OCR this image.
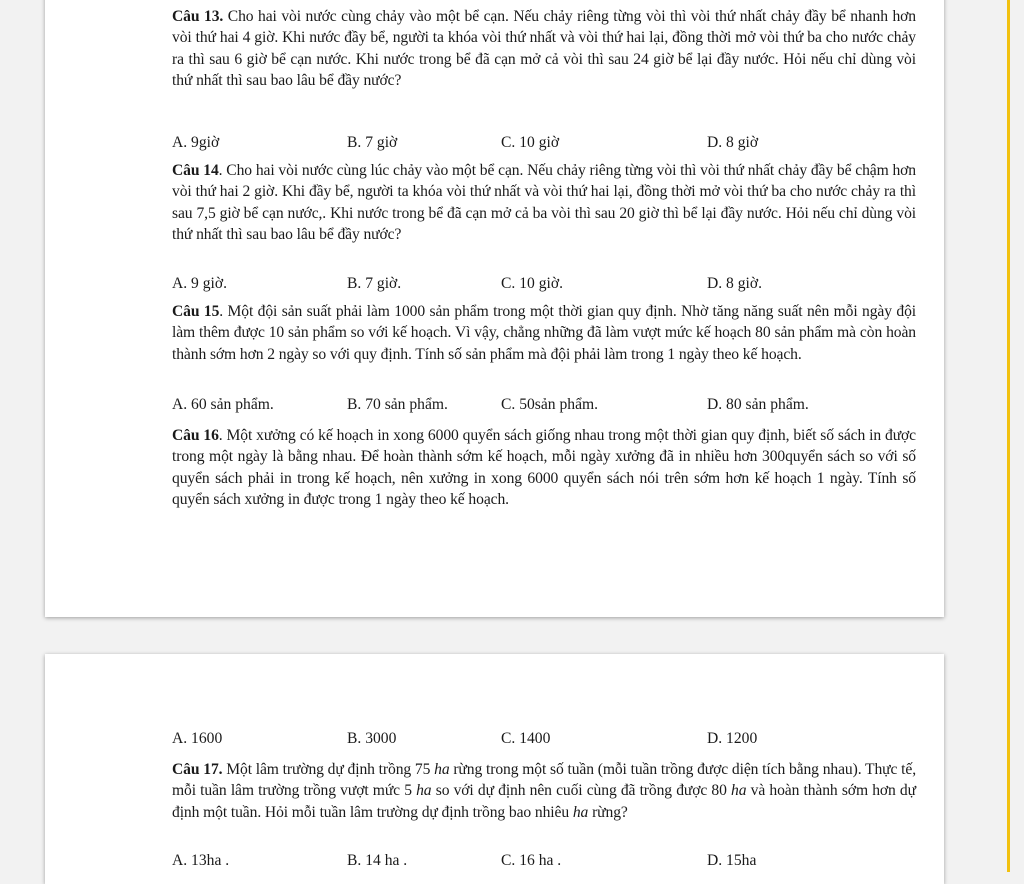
Câu 13. Cho hai vòi nước cùng chảy vào một bể cạn. Nếu chảy riêng từng vòi thì vòi thứ nhất chảy đầy bể nhanh hơn vòi thứ hai 4 giờ. Khi nước đầy bể, người ta khóa vòi thứ nhất và vòi thứ hai lại, đồng thời mở vòi thứ ba cho nước chảy ra thì sau 6 giờ bể cạn nước. Khi nước trong bể đã cạn mở cả vòi thì sau 24 giờ bể lại đầy nước. Hỏi nếu chỉ dùng vòi thứ nhất thì sau bao lâu bể đầy nước?
A. 9giờ	B. 7 giờ	C. 10 giờ	D. 8 giờ
Câu 14. Cho hai vòi nước cùng lúc chảy vào một bể cạn. Nếu chảy riêng từng vòi thì vòi thứ nhất chảy đầy bể chậm hơn vòi thứ hai 2 giờ. Khi đầy bể, người ta khóa vòi thứ nhất và vòi thứ hai lại, đồng thời mở vòi thứ ba cho nước chảy ra thì sau 7,5 giờ bể cạn nước,. Khi nước trong bể đã cạn mở cả ba vòi thì sau 20 giờ thì bể lại đầy nước. Hỏi nếu chỉ dùng vòi thứ nhất thì sau bao lâu bể đầy nước?
A. 9 giờ.	B. 7 giờ.	C. 10 giờ.	D. 8 giờ.
Câu 15. Một đội sản suất phải làm 1000 sản phẩm trong một thời gian quy định. Nhờ tăng năng suất nên mỗi ngày đội làm thêm được 10 sản phẩm so với kế hoạch. Vì vậy, chẳng những đã làm vượt mức kế hoạch 80 sản phẩm mà còn hoàn thành sớm hơn 2 ngày so với quy định. Tính số sản phẩm mà đội phải làm trong 1 ngày theo kế hoạch.
A. 60 sản phẩm.	B. 70 sản phẩm.	C. 50sản phẩm.	D. 80 sản phẩm.
Câu 16. Một xưởng có kế hoạch in xong 6000 quyển sách giống nhau trong một thời gian quy định, biết số sách in được trong một ngày là bằng nhau. Để hoàn thành sớm kế hoạch, mỗi ngày xưởng đã in nhiều hơn 300quyển sách so với số quyển sách phải in trong kế hoạch, nên xưởng in xong 6000 quyển sách nói trên sớm hơn kế hoạch 1 ngày. Tính số quyển sách xưởng in được trong 1 ngày theo kế hoạch.
A. 1600	B. 3000	C. 1400	D. 1200
Câu 17. Một lâm trường dự định trồng 75 ha rừng trong một số tuần (mỗi tuần trồng được diện tích bằng nhau). Thực tế, mỗi tuần lâm trường trồng vượt mức 5 ha so với dự định nên cuối cùng đã trồng được 80 ha và hoàn thành sớm hơn dự định một tuần. Hỏi mỗi tuần lâm trường dự định trồng bao nhiêu ha rừng?
A. 13ha .	B. 14 ha .	C. 16 ha .	D. 15ha
